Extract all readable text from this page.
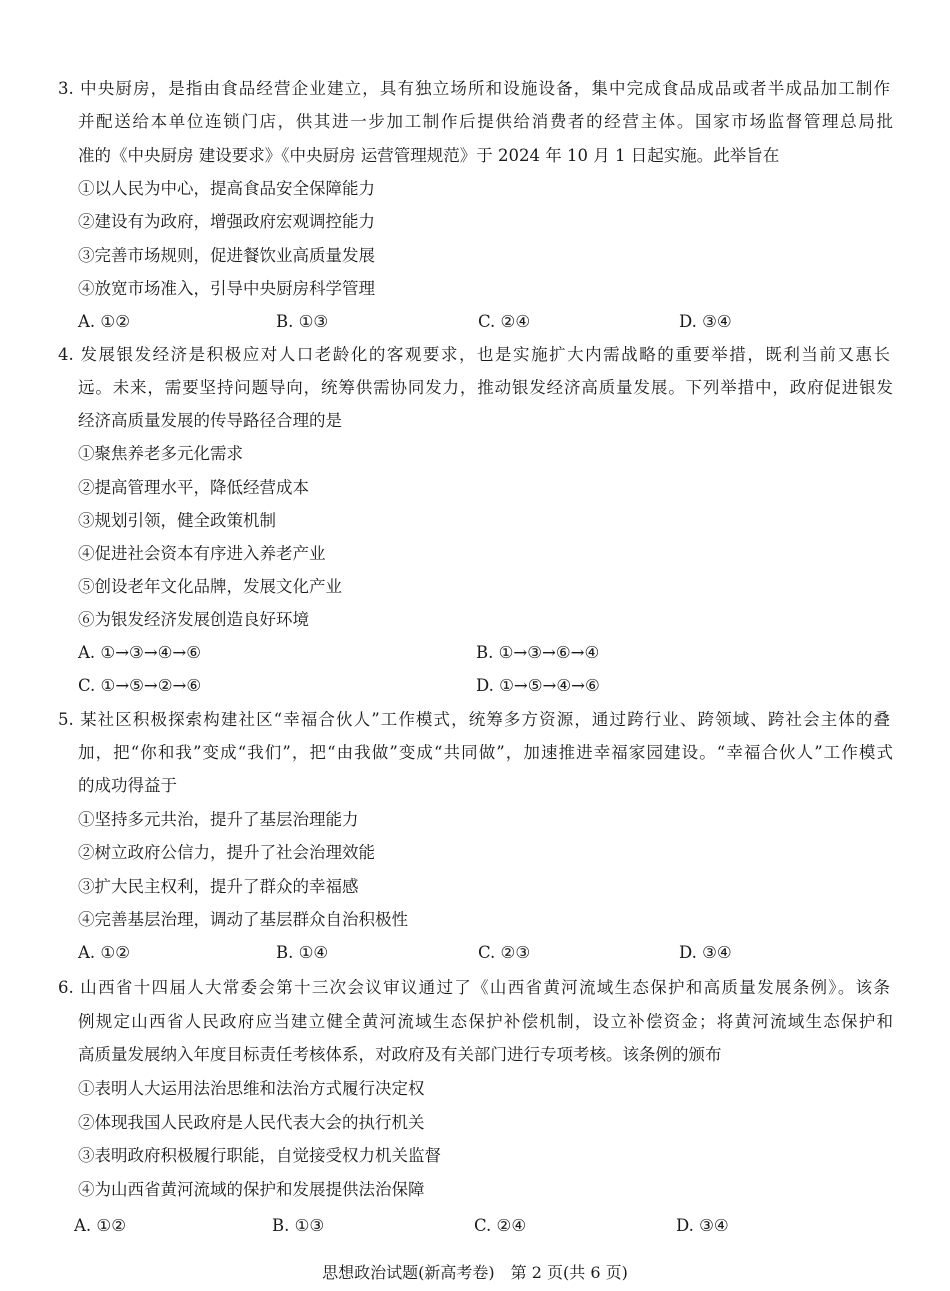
3. 中央厨房，是指由食品经营企业建立，具有独立场所和设施设备，集中完成食品成品或者半成品加工制作
并配送给本单位连锁门店，供其进一步加工制作后提供给消费者的经营主体。国家市场监督管理总局批
准的《中央厨房 建设要求》《中央厨房 运营管理规范》于 2024 年 10 月 1 日起实施。此举旨在
①以人民为中心，提高食品安全保障能力
②建设有为政府，增强政府宏观调控能力
③完善市场规则，促进餐饮业高质量发展
④放宽市场准入，引导中央厨房科学管理
A. ①②	B. ①③	C. ②④	D. ③④
4. 发展银发经济是积极应对人口老龄化的客观要求，也是实施扩大内需战略的重要举措，既利当前又惠长
远。未来，需要坚持问题导向，统筹供需协同发力，推动银发经济高质量发展。下列举措中，政府促进银发
经济高质量发展的传导路径合理的是
①聚焦养老多元化需求
②提高管理水平，降低经营成本
③规划引领，健全政策机制
④促进社会资本有序进入养老产业
⑤创设老年文化品牌，发展文化产业
⑥为银发经济发展创造良好环境
A. ①→③→④→⑥	B. ①→③→⑥→④
C. ①→⑤→②→⑥	D. ①→⑤→④→⑥
5. 某社区积极探索构建社区“幸福合伙人”工作模式，统筹多方资源，通过跨行业、跨领域、跨社会主体的叠
加，把“你和我”变成“我们”，把“由我做”变成“共同做”，加速推进幸福家园建设。“幸福合伙人”工作模式
的成功得益于
①坚持多元共治，提升了基层治理能力
②树立政府公信力，提升了社会治理效能
③扩大民主权利，提升了群众的幸福感
④完善基层治理，调动了基层群众自治积极性
A. ①②	B. ①④	C. ②③	D. ③④
6. 山西省十四届人大常委会第十三次会议审议通过了《山西省黄河流域生态保护和高质量发展条例》。该条
例规定山西省人民政府应当建立健全黄河流域生态保护补偿机制，设立补偿资金；将黄河流域生态保护和
高质量发展纳入年度目标责任考核体系，对政府及有关部门进行专项考核。该条例的颁布
①表明人大运用法治思维和法治方式履行决定权
②体现我国人民政府是人民代表大会的执行机关
③表明政府积极履行职能，自觉接受权力机关监督
④为山西省黄河流域的保护和发展提供法治保障
A. ①②	B. ①③	C. ②④	D. ③④
思想政治试题(新高考卷)　第 2 页(共 6 页)
